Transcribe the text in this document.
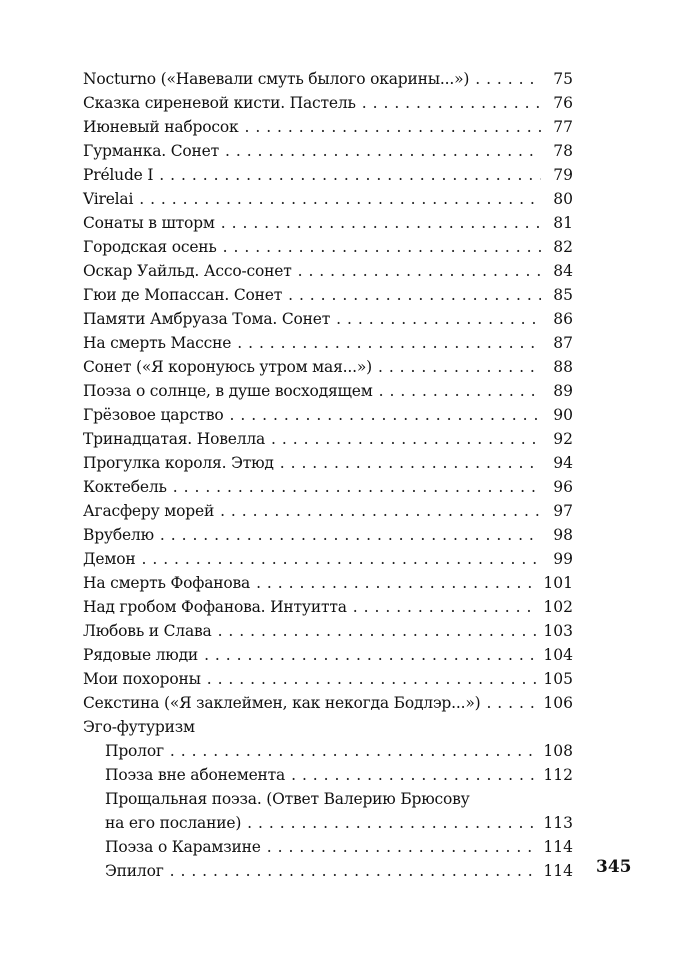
Nocturno («Навевали смуть былого окарины...») . . .	75
Сказка сиреневой кисти. Пастель . . .	76
Июневый набросок . . .	77
Гурманка. Сонет . . .	78
Prélude I . . .	79
Virelai . . .	80
Сонаты в шторм . . .	81
Городская осень . . .	82
Оскар Уайльд. Ассо-сонет . . .	84
Гюи де Мопассан. Сонет . . .	85
Памяти Амбруаза Тома. Сонет . . .	86
На смерть Массне . . .	87
Сонет («Я коронуюсь утром мая...») . . .	88
Поэза о солнце, в душе восходящем . . .	89
Грёзовое царство . . .	90
Тринадцатая. Новелла . . .	92
Прогулка короля. Этюд . . .	94
Коктебель . . .	96
Агасферу морей . . .	97
Врубелю . . .	98
Демон . . .	99
На смерть Фофанова . . .	101
Над гробом Фофанова. Интуитта . . .	102
Любовь и Слава . . .	103
Рядовые люди . . .	104
Мои похороны . . .	105
Секстина («Я заклеймен, как некогда Бодлэр...») . . .	106
Эго-футуризм
Пролог . . .	108
Поэза вне абонемента . . .	112
Прощальная поэза. (Ответ Валерию Брюсову
на его послание) . . .	113
Поэза о Карамзине . . .	114
Эпилог . . .	114 345
